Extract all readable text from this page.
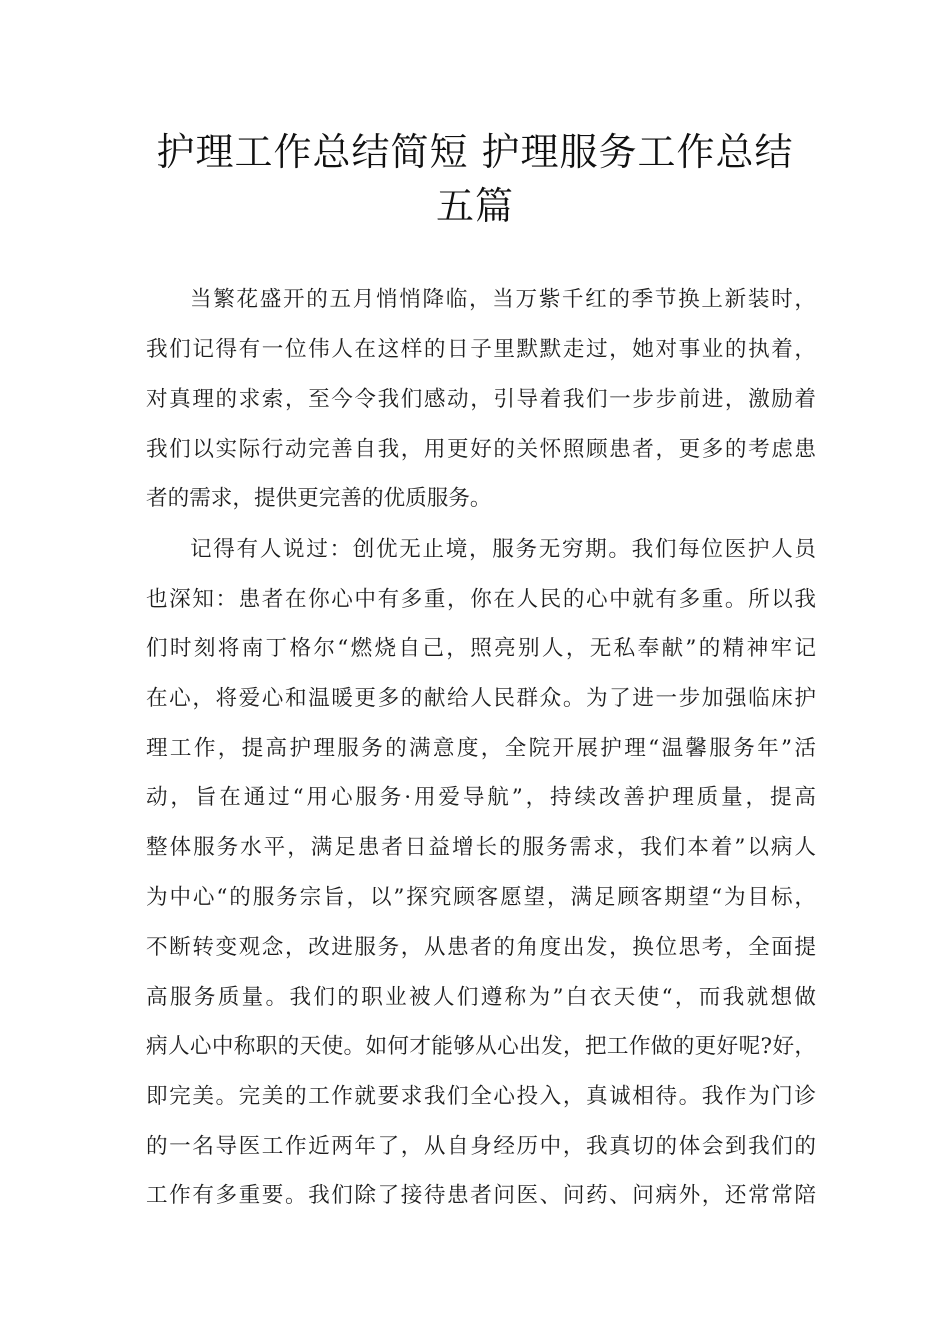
护理工作总结简短 护理服务工作总结
五篇
当繁花盛开的五月悄悄降临，当万紫千红的季节换上新装时，
我们记得有一位伟人在这样的日子里默默走过，她对事业的执着，
对真理的求索，至今令我们感动，引导着我们一步步前进，激励着
我们以实际行动完善自我，用更好的关怀照顾患者，更多的考虑患
者的需求，提供更完善的优质服务。
记得有人说过：创优无止境，服务无穷期。我们每位医护人员
也深知：患者在你心中有多重，你在人民的心中就有多重。所以我
们时刻将南丁格尔“燃烧自己，照亮别人，无私奉献”的精神牢记
在心，将爱心和温暖更多的献给人民群众。为了进一步加强临床护
理工作，提高护理服务的满意度，全院开展护理“温馨服务年”活
动，旨在通过“用心服务·用爱导航”，持续改善护理质量，提高
整体服务水平，满足患者日益增长的服务需求，我们本着”以病人
为中心“的服务宗旨，以”探究顾客愿望，满足顾客期望“为目标，
不断转变观念，改进服务，从患者的角度出发，换位思考，全面提
高服务质量。我们的职业被人们遵称为”白衣天使“，而我就想做
病人心中称职的天使。如何才能够从心出发，把工作做的更好呢?好，
即完美。完美的工作就要求我们全心投入，真诚相待。我作为门诊
的一名导医工作近两年了，从自身经历中，我真切的体会到我们的
工作有多重要。我们除了接待患者问医、问药、问病外，还常常陪
